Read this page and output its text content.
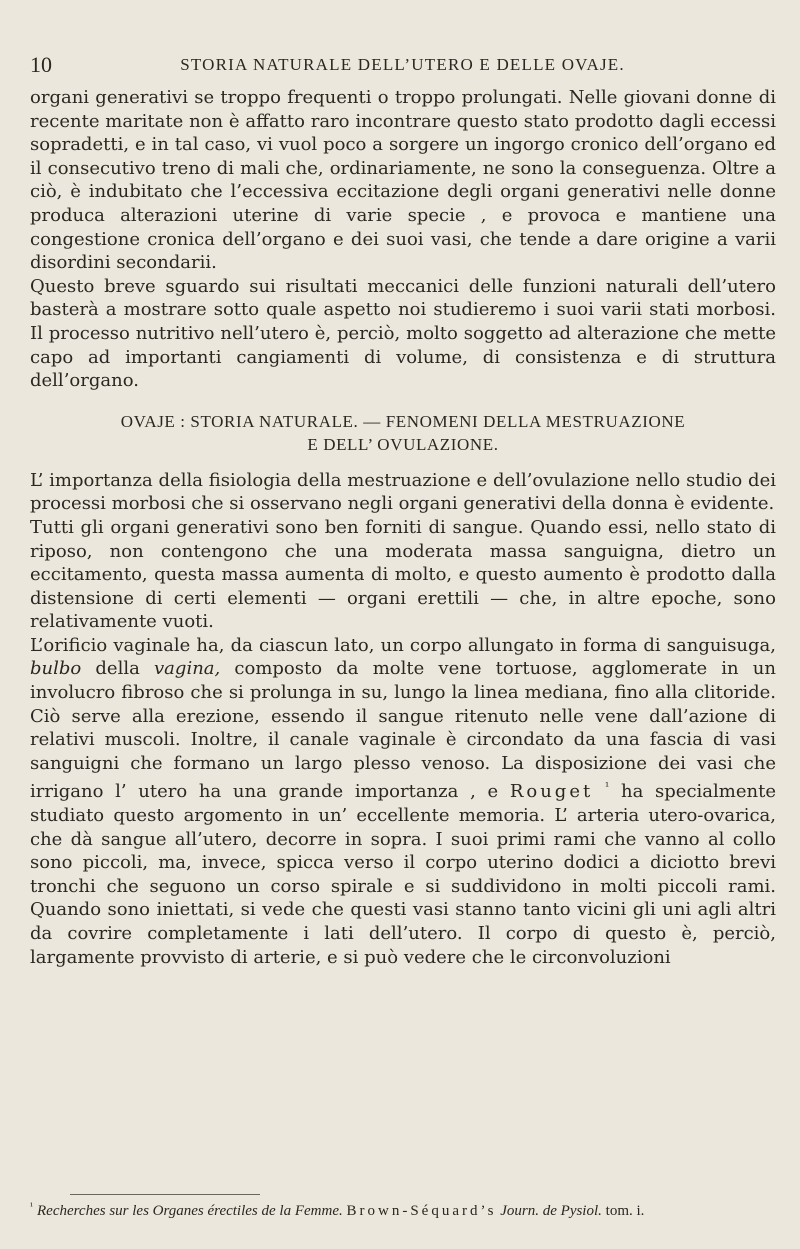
10	STORIA NATURALE DELL’UTERO E DELLE OVAJE.

organi generativi se troppo frequenti o troppo prolungati. Nelle giovani donne di recente maritate non è affatto raro incontrare questo stato prodotto dagli eccessi sopradetti, e in tal caso, vi vuol poco a sorgere un ingorgo cronico dell’organo ed il consecutivo treno di mali che, ordinariamente, ne sono la conseguenza. Oltre a ciò, è indubitato che l’eccessiva eccitazione degli organi generativi nelle donne produca alterazioni uterine di varie specie , e provoca e mantiene una congestione cronica dell’organo e dei suoi vasi, che tende a dare origine a varii disordini secondarii.

Questo breve sguardo sui risultati meccanici delle funzioni naturali dell’utero basterà a mostrare sotto quale aspetto noi studieremo i suoi varii stati morbosi. Il processo nutritivo nell’utero è, perciò, molto soggetto ad alterazione che mette capo ad importanti cangiamenti di volume, di consistenza e di struttura dell’organo.

OVAJE : STORIA NATURALE. — FENOMENI DELLA MESTRUAZIONE
E DELL’ OVULAZIONE.

L’ importanza della fisiologia della mestruazione e dell’ovulazione nello studio dei processi morbosi che si osservano negli organi generativi della donna è evidente.

Tutti gli organi generativi sono ben forniti di sangue. Quando essi, nello stato di riposo, non contengono che una moderata massa sanguigna, dietro un eccitamento, questa massa aumenta di molto, e questo aumento è prodotto dalla distensione di certi elementi — organi erettili — che, in altre epoche, sono relativamente vuoti.

L’orificio vaginale ha, da ciascun lato, un corpo allungato in forma di sanguisuga, bulbo della vagina, composto da molte vene tortuose, agglomerate in un involucro fibroso che si prolunga in su, lungo la linea mediana, fino alla clitoride. Ciò serve alla erezione, essendo il sangue ritenuto nelle vene dall’azione di relativi muscoli. Inoltre, il canale vaginale è circondato da una fascia di vasi sanguigni che formano un largo plesso venoso. La disposizione dei vasi che irrigano l’ utero ha una grande importanza , e Rouget $^{^1}$ ha specialmente studiato questo argomento in un’ eccellente memoria. L’ arteria utero-ovarica, che dà sangue all’utero, decorre in sopra. I suoi primi rami che vanno al collo sono piccoli, ma, invece, spicca verso il corpo uterino dodici a diciotto brevi tronchi che seguono un corso spirale e si suddividono in molti piccoli rami. Quando sono iniettati, si vede che questi vasi stanno tanto vicini gli uni agli altri da covrire completamente i lati dell’utero. Il corpo di questo è, perciò, largamente provvisto di arterie, e si può vedere che le circonvoluzioni

$^{^1}$ Recherches sur les Organes érectiles de la Femme. Brown-Séquard’s Journ. de Pysiol. tom. i.
